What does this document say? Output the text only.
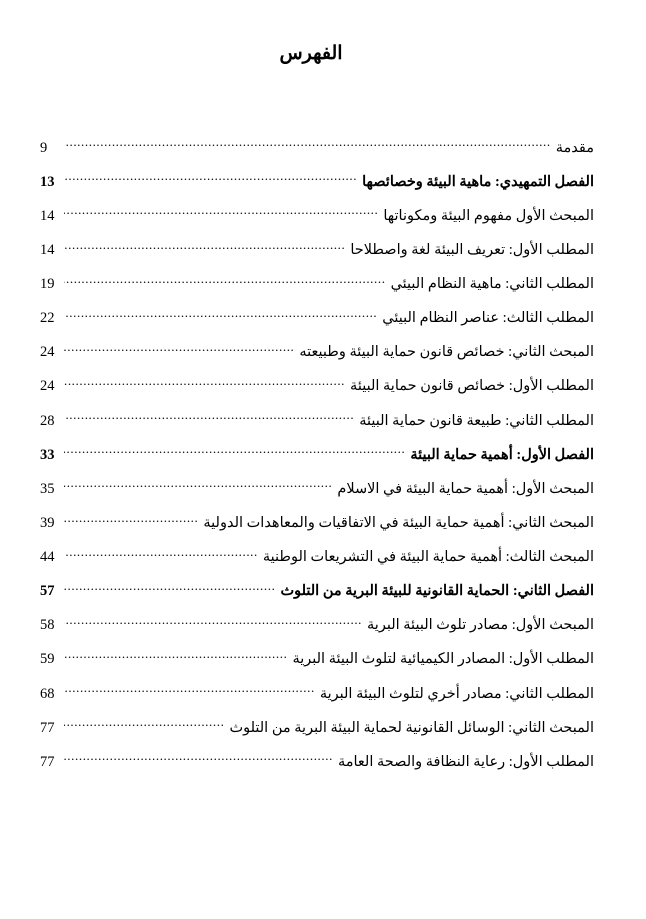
الفهرس
مقدمة
.....
9
الفصل التمهيدي: ماهية البيئة وخصائصها
.....
13
المبحث الأول مفهوم البيئة ومكوناتها
.....
14
المطلب الأول: تعريف البيئة لغة واصطلاحا
.....
14
المطلب الثاني: ماهية النظام البيئي
.....
19
المطلب الثالث: عناصر النظام البيئي
.....
22
المبحث الثاني: خصائص قانون حماية البيئة وطبيعته
.....
24
المطلب الأول: خصائص قانون حماية البيئة
.....
24
المطلب الثاني: طبيعة قانون حماية البيئة
.....
28
الفصل الأول: أهمية حماية البيئة
.....
33
المبحث الأول: أهمية حماية البيئة في الاسلام
.....
35
المبحث الثاني: أهمية حماية البيئة في الاتفاقيات والمعاهدات الدولية
.....
39
المبحث الثالث: أهمية حماية البيئة في التشريعات الوطنية
.....
44
الفصل الثاني: الحماية القانونية للبيئة البرية من التلوث
.....
57
المبحث الأول: مصادر تلوث البيئة البرية
.....
58
المطلب الأول: المصادر الكيميائية لتلوث البيئة البرية
.....
59
المطلب الثاني: مصادر أخري لتلوث البيئة البرية
.....
68
المبحث الثاني: الوسائل القانونية لحماية البيئة البرية من التلوث
.....
77
المطلب الأول: رعاية النظافة والصحة العامة
.....
77
